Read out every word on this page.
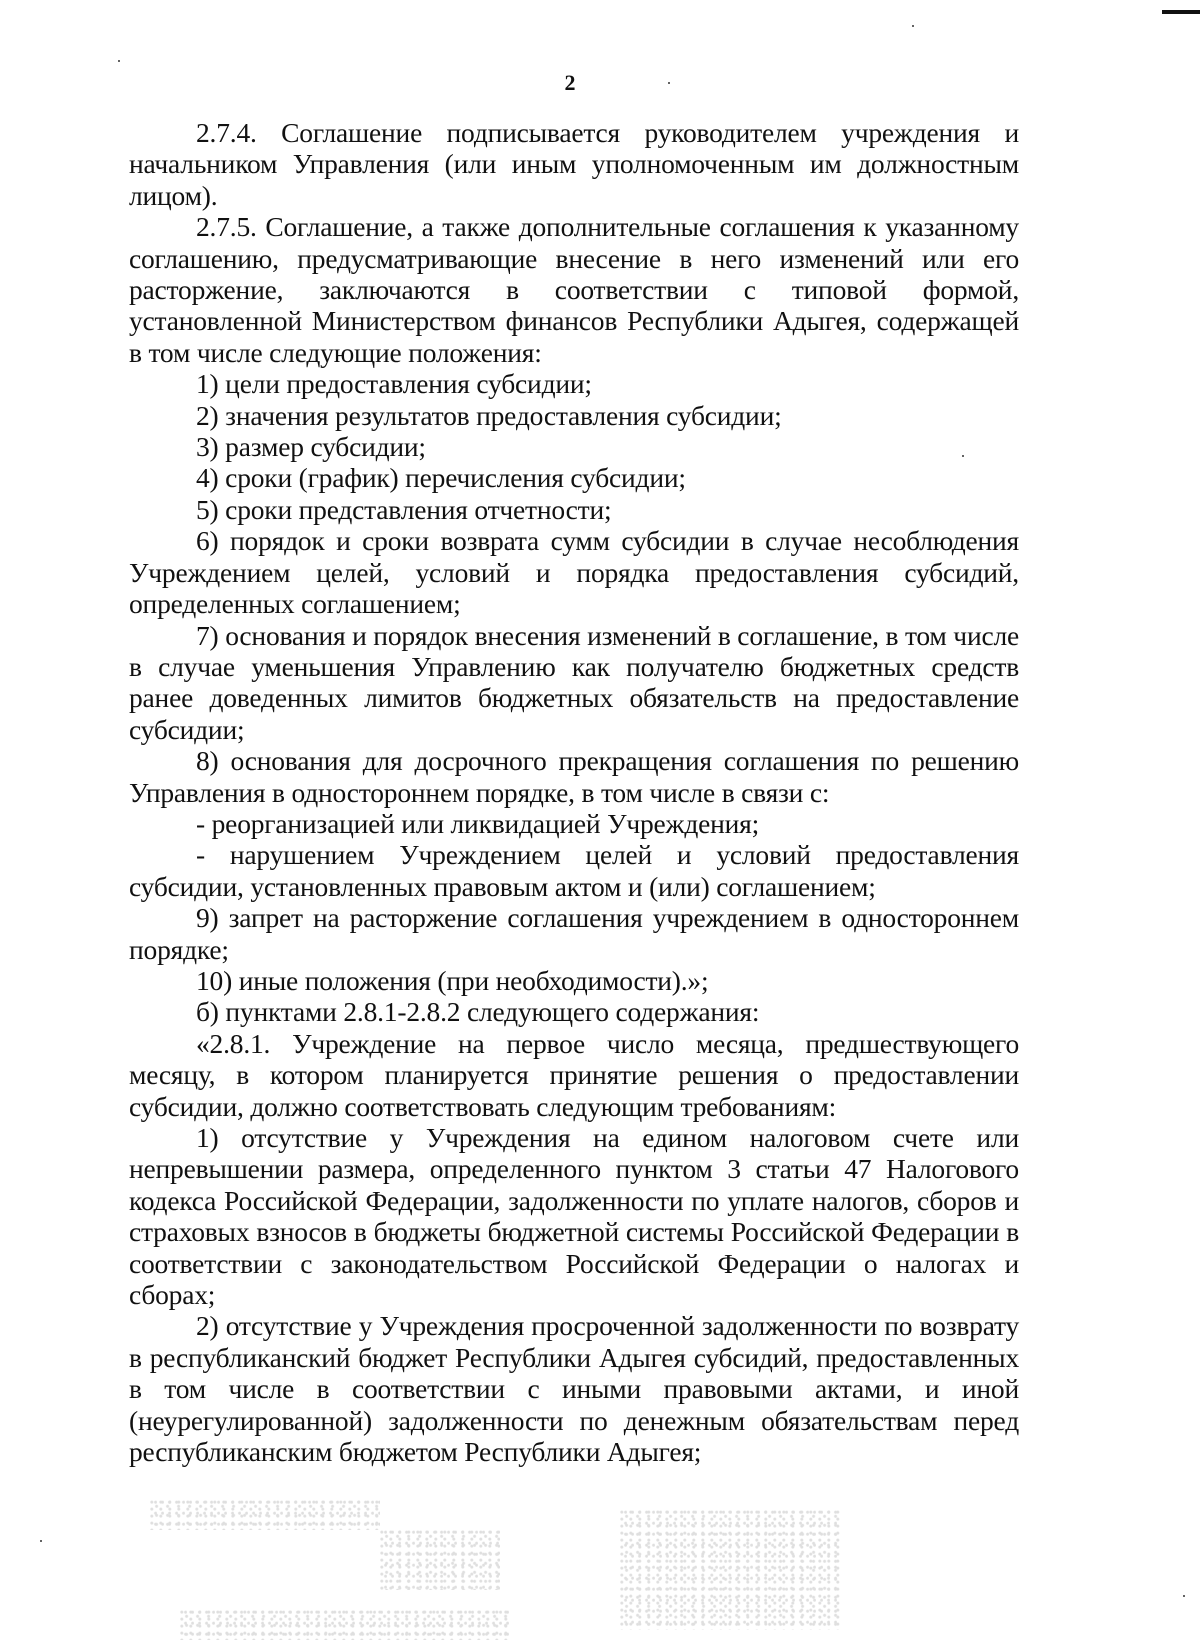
2

2.7.4. Соглашение подписывается руководителем учреждения и начальником Управления (или иным уполномоченным им должностным лицом).

2.7.5. Соглашение, а также дополнительные соглашения к указанному соглашению, предусматривающие внесение в него изменений или его расторжение, заключаются в соответствии с типовой формой, установленной Министерством финансов Республики Адыгея, содержащей в том числе следующие положения:

1) цели предоставления субсидии;

2) значения результатов предоставления субсидии;

3) размер субсидии;

4) сроки (график) перечисления субсидии;

5) сроки представления отчетности;

6) порядок и сроки возврата сумм субсидии в случае несоблюдения Учреждением целей, условий и порядка предоставления субсидий, определенных соглашением;

7) основания и порядок внесения изменений в соглашение, в том числе в случае уменьшения Управлению как получателю бюджетных средств ранее доведенных лимитов бюджетных обязательств на предоставление субсидии;

8) основания для досрочного прекращения соглашения по решению Управления в одностороннем порядке, в том числе в связи с:

- реорганизацией или ликвидацией Учреждения;

- нарушением Учреждением целей и условий предоставления субсидии, установленных правовым актом и (или) соглашением;

9) запрет на расторжение соглашения учреждением в одностороннем порядке;

10) иные положения (при необходимости).»;

б) пунктами 2.8.1-2.8.2 следующего содержания:

«2.8.1. Учреждение на первое число месяца, предшествующего месяцу, в котором планируется принятие решения о предоставлении субсидии, должно соответствовать следующим требованиям:

1) отсутствие у Учреждения на едином налоговом счете или непревышении размера, определенного пунктом 3 статьи 47 Налогового кодекса Российской Федерации, задолженности по уплате налогов, сборов и страховых взносов в бюджеты бюджетной системы Российской Федерации в соответствии с законодательством Российской Федерации о налогах и сборах;

2) отсутствие у Учреждения просроченной задолженности по возврату в республиканский бюджет Республики Адыгея субсидий, предоставленных в том числе в соответствии с иными правовыми актами, и иной (неурегулированной) задолженности по денежным обязательствам перед республиканским бюджетом Республики Адыгея;
